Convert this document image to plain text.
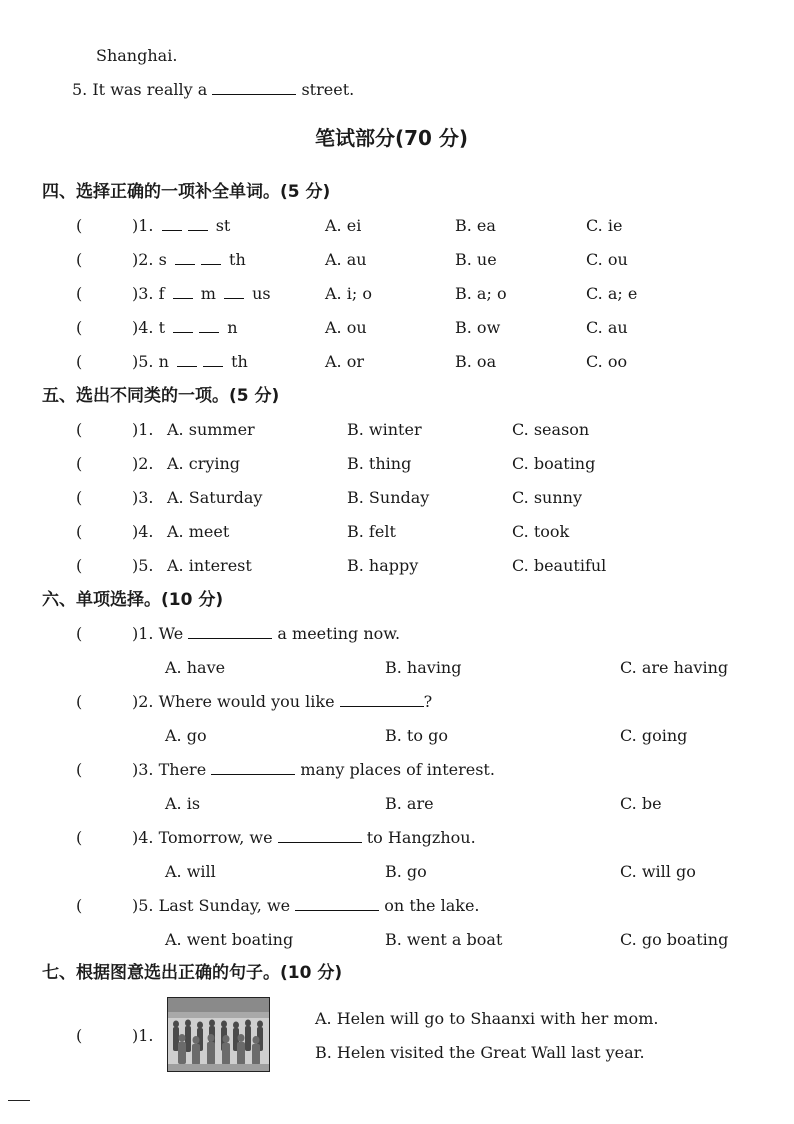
Shanghai.
5. It was really a	street.
笔试部分(70 分)
四、选择正确的一项补全单词。(5 分)
(	)1.	st	A. ei	B. ea	C. ie
(	)2. s	th	A. au	B. ue	C. ou
(	)3. f m us	A. i; o	B. a; o	C. a; e
(	)4. t	n	A. ou	B. ow	C. au
(	)5. n	th	A. or	B. oa	C. oo
五、选出不同类的一项。(5 分)
(	)1. A. summer	B. winter	C. season
(	)2. A. crying	B. thing	C. boating
(	)3. A. Saturday	B. Sunday	C. sunny
(	)4. A. meet	B. felt	C. took
(	)5. A. interest	B. happy	C. beautiful
六、单项选择。(10 分)
(	)1. We	a meeting now.
A. have	B. having	C. are having
(	)2. Where would you like	?
A. go	B. to go	C. going
(	)3. There	many places of interest.
A. is	B. are	C. be
(	)4. Tomorrow, we	to Hangzhou.
A. will	B. go	C. will go
(	)5. Last Sunday, we	on the lake.
A. went boating	B. went a boat	C. go boating
七、根据图意选出正确的句子。(10 分)
(	)1.
A. Helen will go to Shaanxi with her mom.
B. Helen visited the Great Wall last year.
